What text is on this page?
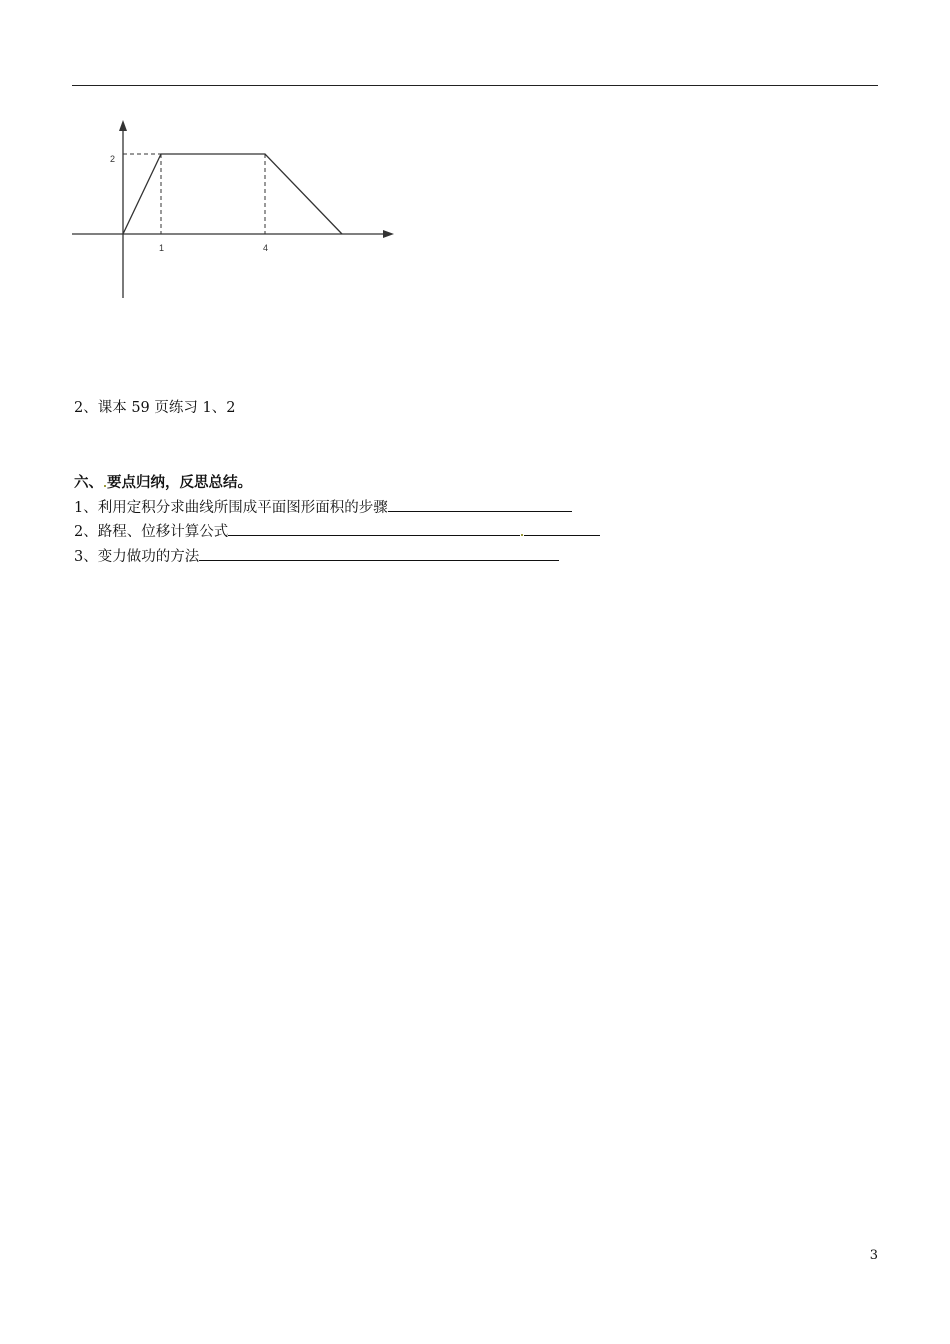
2
1	4
2、课本 59 页练习 1、2
六、 要点归纳，反思总结。
1、利用定积分求曲线所围成平面图形面积的步骤
2、路程、位移计算公式
3、变力做功的方法
3
